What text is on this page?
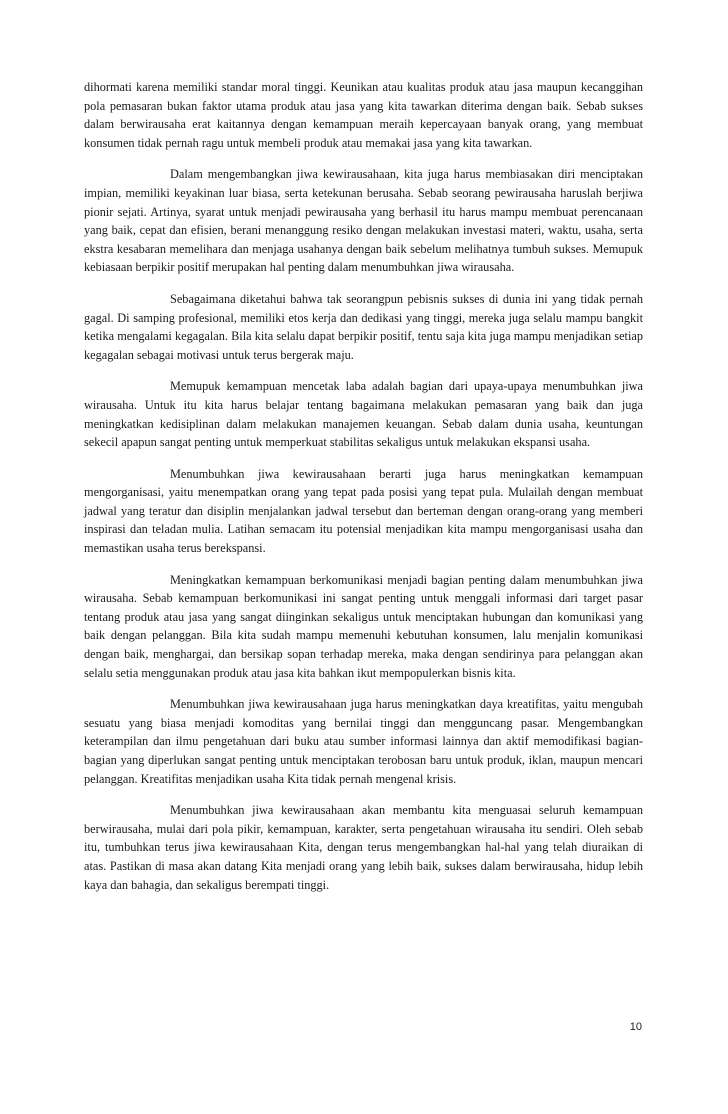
dihormati karena memiliki standar moral tinggi. Keunikan atau kualitas produk atau jasa maupun kecanggihan pola pemasaran bukan faktor utama produk atau jasa yang kita tawarkan diterima dengan baik. Sebab sukses dalam berwirausaha erat kaitannya dengan kemampuan meraih kepercayaan banyak orang, yang membuat konsumen tidak pernah ragu untuk membeli produk atau memakai jasa yang kita tawarkan.

Dalam mengembangkan jiwa kewirausahaan, kita juga harus membiasakan diri menciptakan impian, memiliki keyakinan luar biasa, serta ketekunan berusaha. Sebab seorang pewirausaha haruslah berjiwa pionir sejati. Artinya, syarat untuk menjadi pewirausaha yang berhasil itu harus mampu membuat perencanaan yang baik, cepat dan efisien, berani menanggung resiko dengan melakukan investasi materi, waktu, usaha, serta ekstra kesabaran memelihara dan menjaga usahanya dengan baik sebelum melihatnya tumbuh sukses. Memupuk kebiasaan berpikir positif merupakan hal penting dalam menumbuhkan jiwa wirausaha.

Sebagaimana diketahui bahwa tak seorangpun pebisnis sukses di dunia ini yang tidak pernah gagal. Di samping profesional, memiliki etos kerja dan dedikasi yang tinggi, mereka juga selalu mampu bangkit ketika mengalami kegagalan. Bila kita selalu dapat berpikir positif, tentu saja kita juga mampu menjadikan setiap kegagalan sebagai motivasi untuk terus bergerak maju.

Memupuk kemampuan mencetak laba adalah bagian dari upaya-upaya menumbuhkan jiwa wirausaha. Untuk itu kita harus belajar tentang bagaimana melakukan pemasaran yang baik dan juga meningkatkan kedisiplinan dalam melakukan manajemen keuangan. Sebab dalam dunia usaha, keuntungan sekecil apapun sangat penting untuk memperkuat stabilitas sekaligus untuk melakukan ekspansi usaha.

Menumbuhkan jiwa kewirausahaan berarti juga harus meningkatkan kemampuan mengorganisasi, yaitu menempatkan orang yang tepat pada posisi yang tepat pula. Mulailah dengan membuat jadwal yang teratur dan disiplin menjalankan jadwal tersebut dan berteman dengan orang-orang yang memberi inspirasi dan teladan mulia. Latihan semacam itu potensial menjadikan kita mampu mengorganisasi usaha dan memastikan usaha terus berekspansi.

Meningkatkan kemampuan berkomunikasi menjadi bagian penting dalam menumbuhkan jiwa wirausaha. Sebab kemampuan berkomunikasi ini sangat penting untuk menggali informasi dari target pasar tentang produk atau jasa yang sangat diinginkan sekaligus untuk menciptakan hubungan dan komunikasi yang baik dengan pelanggan. Bila kita sudah mampu memenuhi kebutuhan konsumen, lalu menjalin komunikasi dengan baik, menghargai, dan bersikap sopan terhadap mereka, maka dengan sendirinya para pelanggan akan selalu setia menggunakan produk atau jasa kita bahkan ikut mempopulerkan bisnis kita.

Menumbuhkan jiwa kewirausahaan juga harus meningkatkan daya kreatifitas, yaitu mengubah sesuatu yang biasa menjadi komoditas yang bernilai tinggi dan mengguncang pasar. Mengembangkan keterampilan dan ilmu pengetahuan dari buku atau sumber informasi lainnya dan aktif memodifikasi bagian-bagian yang diperlukan sangat penting untuk menciptakan terobosan baru untuk produk, iklan, maupun mencari pelanggan. Kreatifitas menjadikan usaha Kita tidak pernah mengenal krisis.

Menumbuhkan jiwa kewirausahaan akan membantu kita menguasai seluruh kemampuan berwirausaha, mulai dari pola pikir, kemampuan, karakter, serta pengetahuan wirausaha itu sendiri. Oleh sebab itu, tumbuhkan terus jiwa kewirausahaan Kita, dengan terus mengembangkan hal-hal yang telah diuraikan di atas. Pastikan di masa akan datang Kita menjadi orang yang lebih baik, sukses dalam berwirausaha, hidup lebih kaya dan bahagia, dan sekaligus berempati tinggi.

10
